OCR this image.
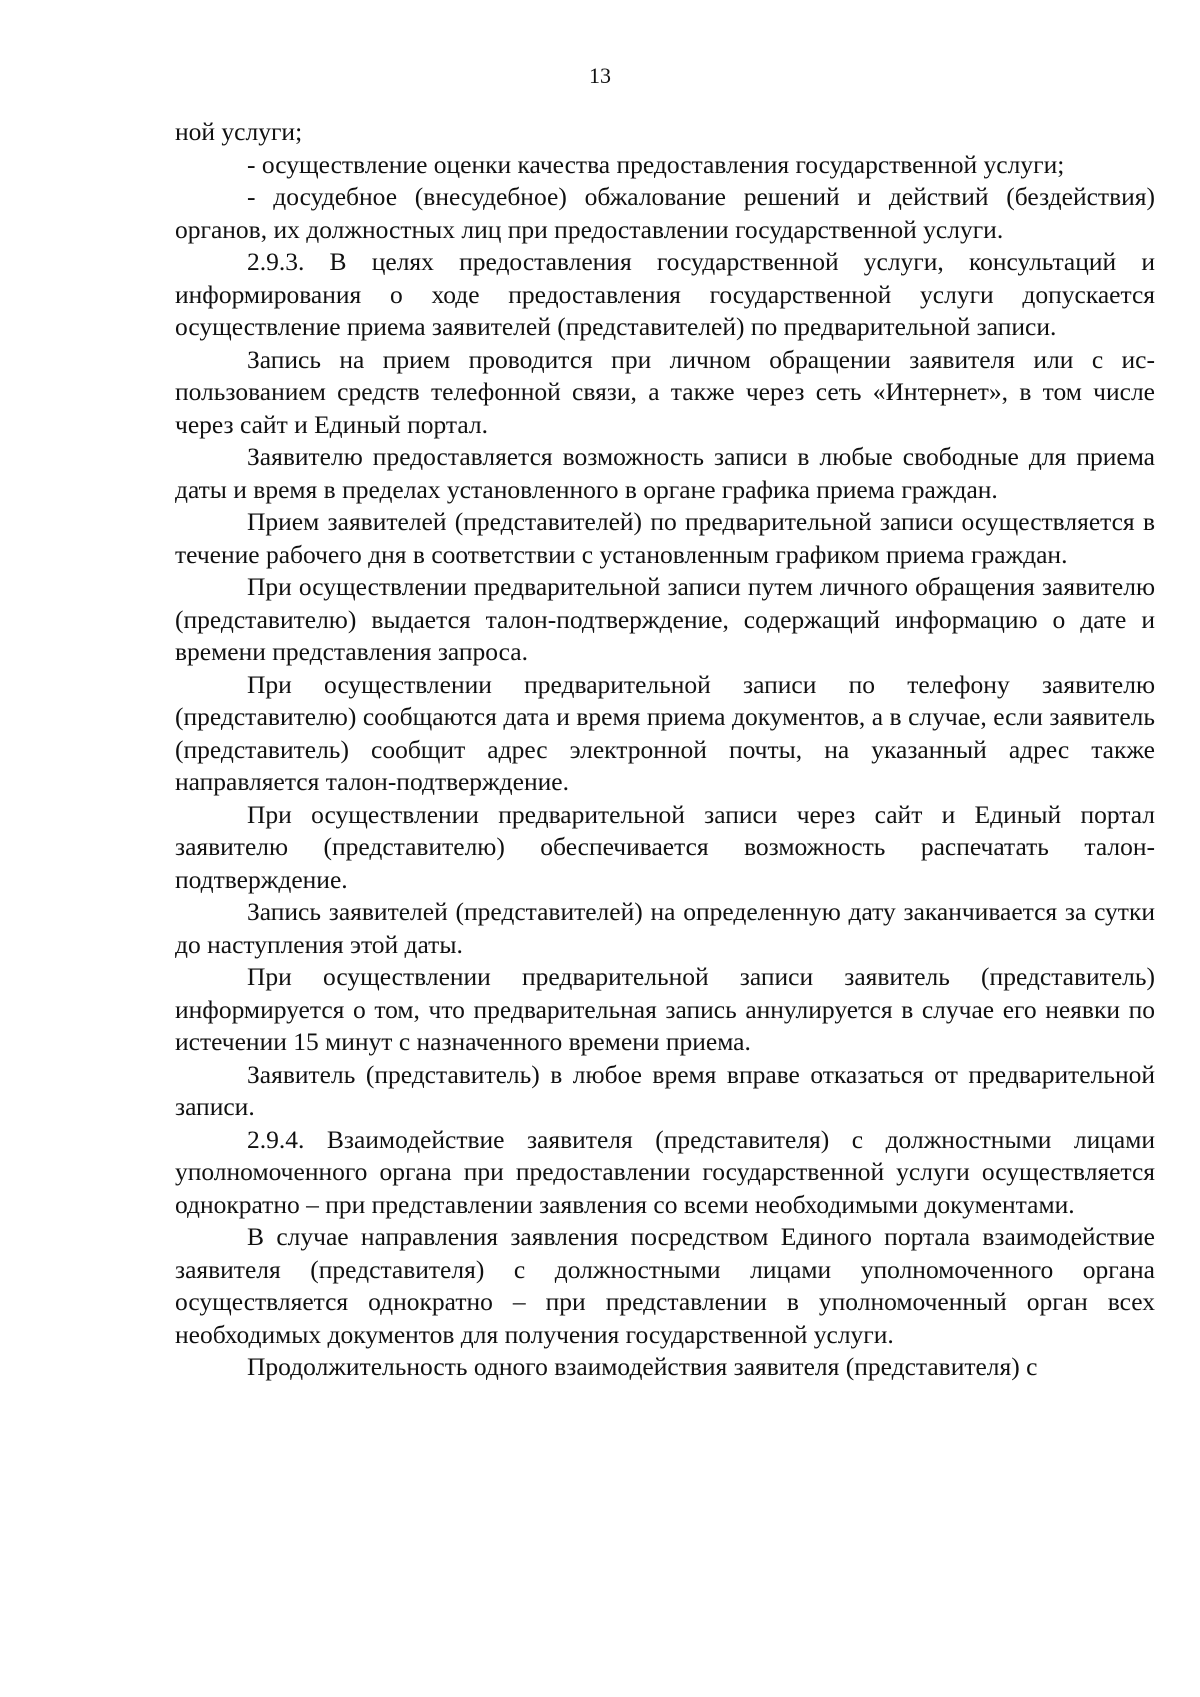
13

ной услуги;

- осуществление оценки качества предоставления государственной услуги;

- досудебное (внесудебное) обжалование решений и действий (бездействия) органов, их должностных лиц при предоставлении государственной услуги.

2.9.3. В целях предоставления государственной услуги, консультаций и информирования о ходе предоставления государственной услуги допускается осуществление приема заявителей (представителей) по предварительной записи.

Запись на прием проводится при личном обращении заявителя или с использованием средств телефонной связи, а также через сеть «Интернет», в том числе через сайт и Единый портал.

Заявителю предоставляется возможность записи в любые свободные для приема даты и время в пределах установленного в органе графика приема граждан.

Прием заявителей (представителей) по предварительной записи осуществляется в течение рабочего дня в соответствии с установленным графиком приема граждан.

При осуществлении предварительной записи путем личного обращения заявителю (представителю) выдается талон-подтверждение, содержащий информацию о дате и времени представления запроса.

При осуществлении предварительной записи по телефону заявителю (представителю) сообщаются дата и время приема документов, а в случае, если заявитель (представитель) сообщит адрес электронной почты, на указанный адрес также направляется талон-подтверждение.

При осуществлении предварительной записи через сайт и Единый портал заявителю (представителю) обеспечивается возможность распечатать талон-подтверждение.

Запись заявителей (представителей) на определенную дату заканчивается за сутки до наступления этой даты.

При осуществлении предварительной записи заявитель (представитель) информируется о том, что предварительная запись аннулируется в случае его неявки по истечении 15 минут с назначенного времени приема.

Заявитель (представитель) в любое время вправе отказаться от предварительной записи.

2.9.4. Взаимодействие заявителя (представителя) с должностными лицами уполномоченного органа при предоставлении государственной услуги осуществляется однократно – при представлении заявления со всеми необходимыми документами.

В случае направления заявления посредством Единого портала взаимодействие заявителя (представителя) с должностными лицами уполномоченного органа осуществляется однократно – при представлении в уполномоченный орган всех необходимых документов для получения государственной услуги.

Продолжительность одного взаимодействия заявителя (представителя) с
